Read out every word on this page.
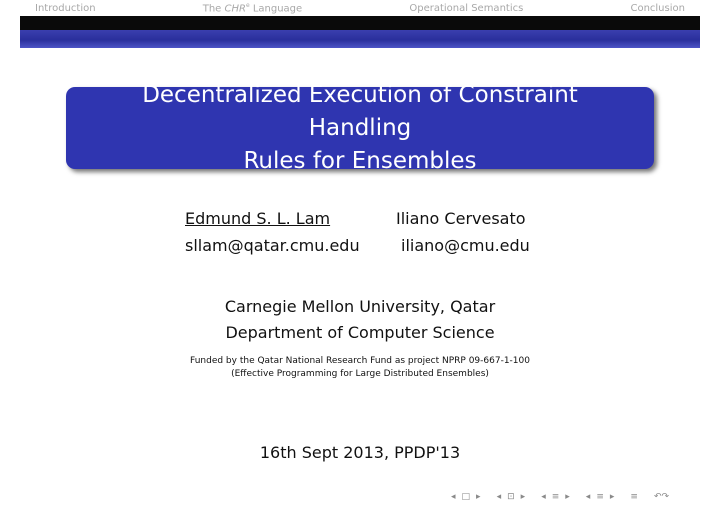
Introduction	The CHR$^e$ Language	Operational Semantics	Conclusion
Decentralized Execution of Constraint Handling
Rules for Ensembles
Edmund S. L. Lam
sllam@qatar.cmu.edu
Iliano Cervesato
iliano@cmu.edu
Carnegie Mellon University, Qatar
Department of Computer Science
Funded by the Qatar National Research Fund as project NPRP 09-667-1-100
(Effective Programming for Large Distributed Ensembles)
16th Sept 2013, PPDP'13
◂ □ ▸ ◂ ⊡ ▸ ◂ ≡ ▸ ◂ ≡ ▸ ≡ ↶↷
